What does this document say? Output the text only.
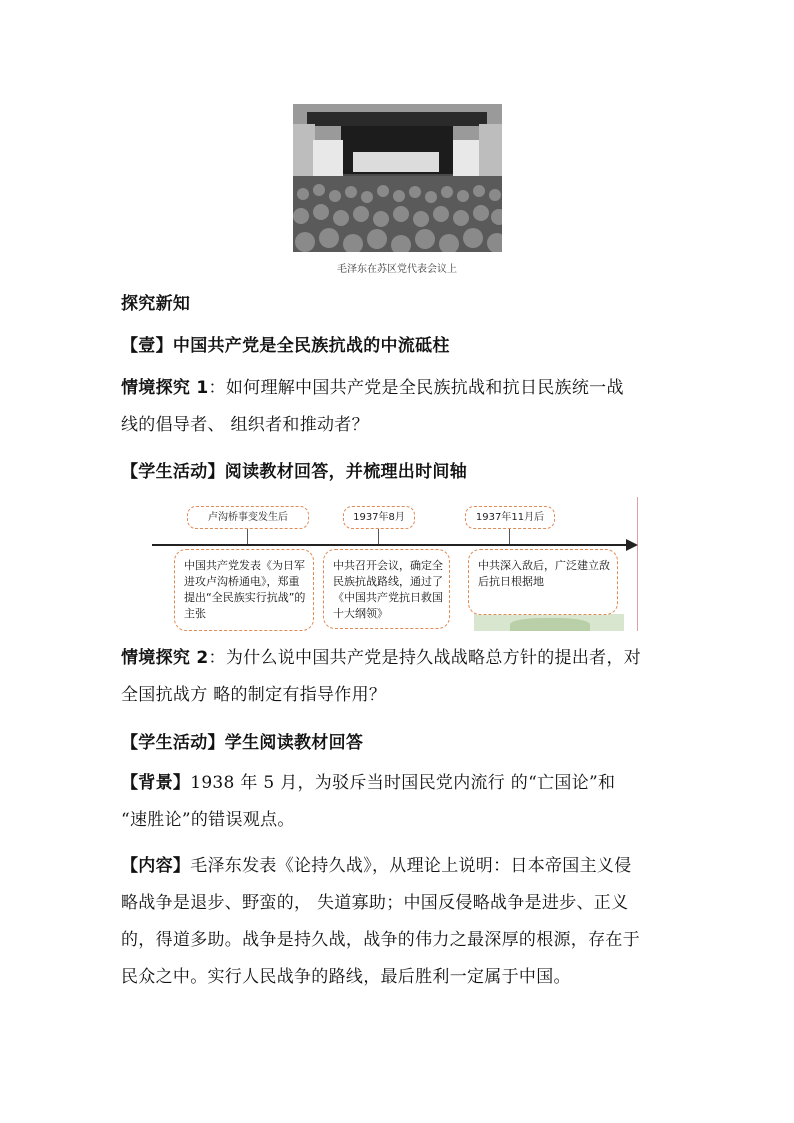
毛泽东在苏区党代表会议上
探究新知
【壹】中国共产党是全民族抗战的中流砥柱
情境探究 1：如何理解中国共产党是全民族抗战和抗日民族统一战
线的倡导者、 组织者和推动者？
【学生活动】阅读教材回答，并梳理出时间轴
卢沟桥事变发生后	1937年8月	1937年11月后
中国共产党发表《为日军进攻卢沟桥通电》，郑重提出“全民族实行抗战”的主张
中共召开会议，确定全民族抗战路线，通过了《中国共产党抗日救国十大纲领》
中共深入敌后，广泛建立敌后抗日根据地
情境探究 2：为什么说中国共产党是持久战战略总方针的提出者，对
全国抗战方 略的制定有指导作用？
【学生活动】学生阅读教材回答
【背景】1938 年 5 月，为驳斥当时国民党内流行 的“亡国论”和
“速胜论”的错误观点。
【内容】毛泽东发表《论持久战》，从理论上说明：日本帝国主义侵
略战争是退步、野蛮的， 失道寡助；中国反侵略战争是进步、正义
的，得道多助。战争是持久战，战争的伟力之最深厚的根源，存在于
民众之中。实行人民战争的路线，最后胜利一定属于中国。
